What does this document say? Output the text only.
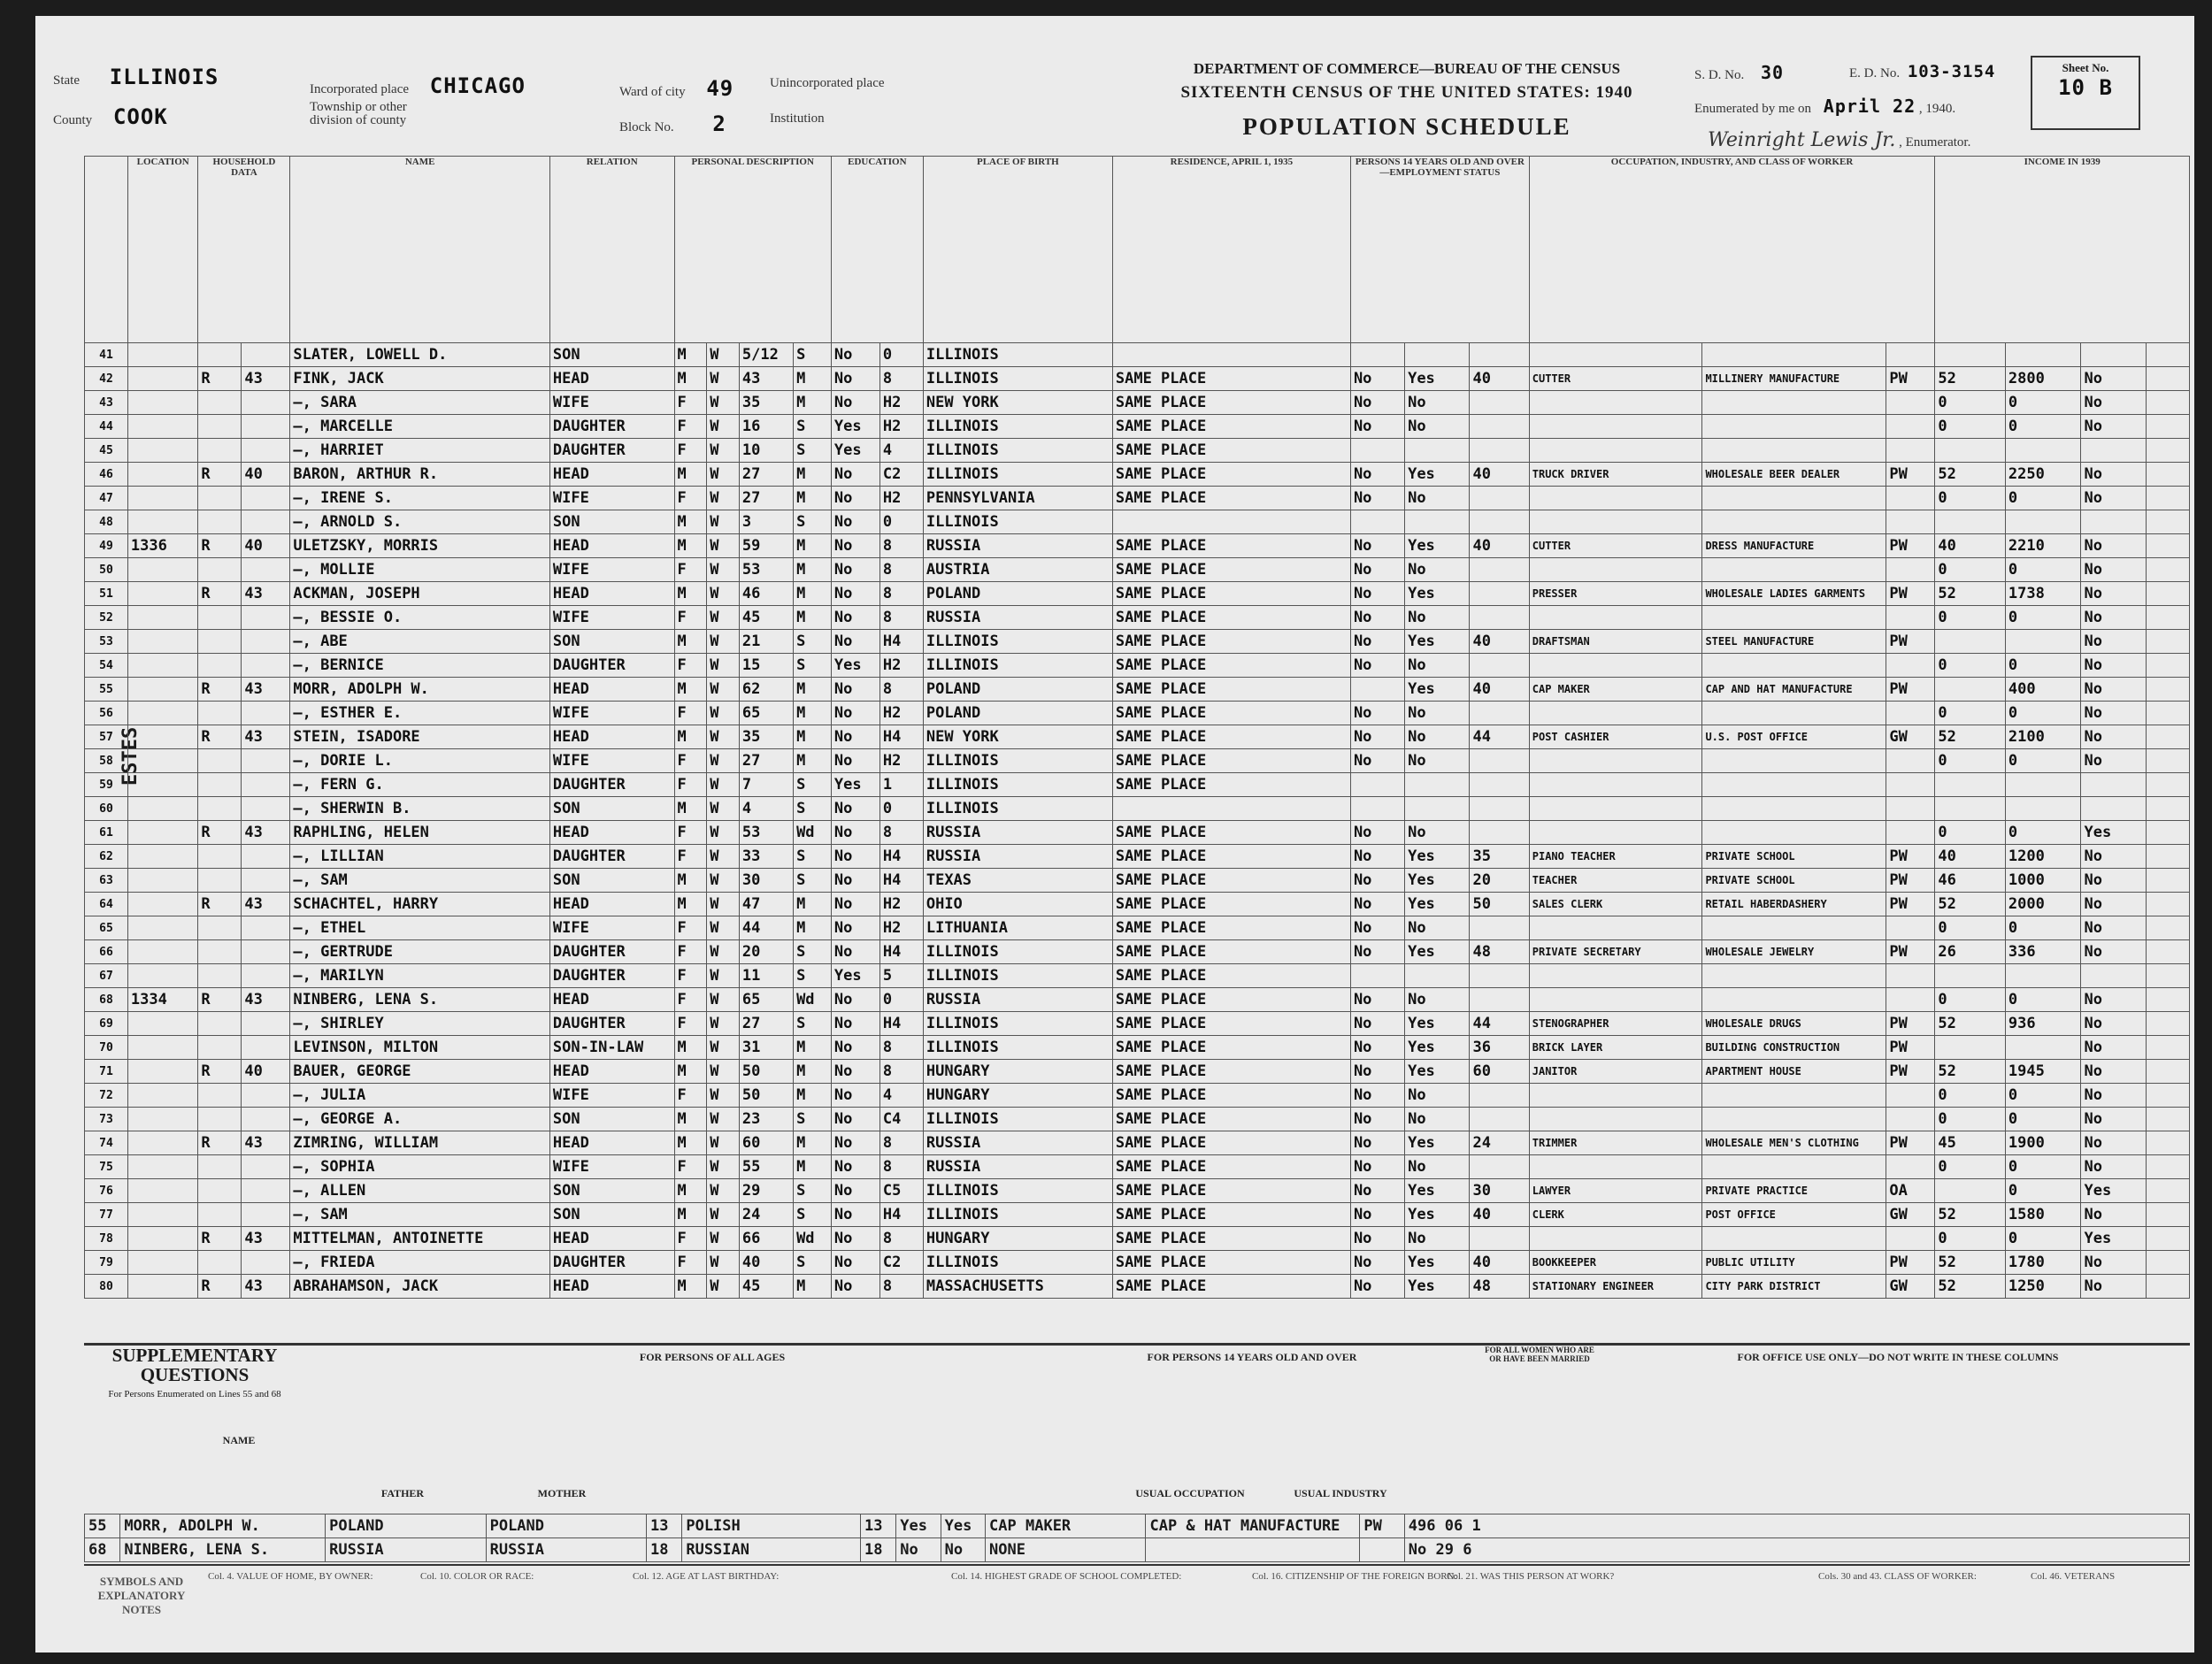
State ILLINOIS
County COOK
Incorporated place CHICAGO
Township or other division of county
Ward of city 49
Block No. 2
Unincorporated place
Institution
DEPARTMENT OF COMMERCE—BUREAU OF THE CENSUS
SIXTEENTH CENSUS OF THE UNITED STATES: 1940
POPULATION SCHEDULE
S. D. No. 30	E. D. No. 103-3154
Enumerated by me on April 22 , 1940.
Weinright Lewis Jr. , Enumerator.
Sheet No.
10 B
ESTES
	LOCATION	HOUSEHOLD DATA		NAME	RELATION	PERSONAL DESCRIPTION				EDUCATION		PLACE OF BIRTH	RESIDENCE, APRIL 1, 1935	PERSONS 14 YEARS OLD AND OVER—EMPLOYMENT STATUS			OCCUPATION, INDUSTRY, AND CLASS OF WORKER			INCOME IN 1939			
41				SLATER, LOWELL D.	SON	M	W	5/12	S	No	0	ILLINOIS											
42		R	43	FINK, JACK	HEAD	M	W	43	M	No	8	ILLINOIS	SAME PLACE	No	Yes	40	CUTTER	MILLINERY MANUFACTURE	PW	52	2800	No	
43				—, SARA	WIFE	F	W	35	M	No	H2	NEW YORK	SAME PLACE	No	No					0	0	No	
44				—, MARCELLE	DAUGHTER	F	W	16	S	Yes	H2	ILLINOIS	SAME PLACE	No	No					0	0	No	
45				—, HARRIET	DAUGHTER	F	W	10	S	Yes	4	ILLINOIS	SAME PLACE										
46		R	40	BARON, ARTHUR R.	HEAD	M	W	27	M	No	C2	ILLINOIS	SAME PLACE	No	Yes	40	TRUCK DRIVER	WHOLESALE BEER DEALER	PW	52	2250	No	
47				—, IRENE S.	WIFE	F	W	27	M	No	H2	PENNSYLVANIA	SAME PLACE	No	No					0	0	No	
48				—, ARNOLD S.	SON	M	W	3	S	No	0	ILLINOIS											
49	1336	R	40	ULETZSKY, MORRIS	HEAD	M	W	59	M	No	8	RUSSIA	SAME PLACE	No	Yes	40	CUTTER	DRESS MANUFACTURE	PW	40	2210	No	
50				—, MOLLIE	WIFE	F	W	53	M	No	8	AUSTRIA	SAME PLACE	No	No					0	0	No	
51		R	43	ACKMAN, JOSEPH	HEAD	M	W	46	M	No	8	POLAND	SAME PLACE	No	Yes		PRESSER	WHOLESALE LADIES GARMENTS	PW	52	1738	No	
52				—, BESSIE O.	WIFE	F	W	45	M	No	8	RUSSIA	SAME PLACE	No	No					0	0	No	
53				—, ABE	SON	M	W	21	S	No	H4	ILLINOIS	SAME PLACE	No	Yes	40	DRAFTSMAN	STEEL MANUFACTURE	PW			No	
54				—, BERNICE	DAUGHTER	F	W	15	S	Yes	H2	ILLINOIS	SAME PLACE	No	No					0	0	No	
55		R	43	MORR, ADOLPH W.	HEAD	M	W	62	M	No	8	POLAND	SAME PLACE		Yes	40	CAP MAKER	CAP AND HAT MANUFACTURE	PW		400	No	
56				—, ESTHER E.	WIFE	F	W	65	M	No	H2	POLAND	SAME PLACE	No	No					0	0	No	
57		R	43	STEIN, ISADORE	HEAD	M	W	35	M	No	H4	NEW YORK	SAME PLACE	No	No	44	POST CASHIER	U.S. POST OFFICE	GW	52	2100	No	
58				—, DORIE L.	WIFE	F	W	27	M	No	H2	ILLINOIS	SAME PLACE	No	No					0	0	No	
59				—, FERN G.	DAUGHTER	F	W	7	S	Yes	1	ILLINOIS	SAME PLACE										
60				—, SHERWIN B.	SON	M	W	4	S	No	0	ILLINOIS											
61		R	43	RAPHLING, HELEN	HEAD	F	W	53	Wd	No	8	RUSSIA	SAME PLACE	No	No					0	0	Yes	
62				—, LILLIAN	DAUGHTER	F	W	33	S	No	H4	RUSSIA	SAME PLACE	No	Yes	35	PIANO TEACHER	PRIVATE SCHOOL	PW	40	1200	No	
63				—, SAM	SON	M	W	30	S	No	H4	TEXAS	SAME PLACE	No	Yes	20	TEACHER	PRIVATE SCHOOL	PW	46	1000	No	
64		R	43	SCHACHTEL, HARRY	HEAD	M	W	47	M	No	H2	OHIO	SAME PLACE	No	Yes	50	SALES CLERK	RETAIL HABERDASHERY	PW	52	2000	No	
65				—, ETHEL	WIFE	F	W	44	M	No	H2	LITHUANIA	SAME PLACE	No	No					0	0	No	
66				—, GERTRUDE	DAUGHTER	F	W	20	S	No	H4	ILLINOIS	SAME PLACE	No	Yes	48	PRIVATE SECRETARY	WHOLESALE JEWELRY	PW	26	336	No	
67				—, MARILYN	DAUGHTER	F	W	11	S	Yes	5	ILLINOIS	SAME PLACE										
68	1334	R	43	NINBERG, LENA S.	HEAD	F	W	65	Wd	No	0	RUSSIA	SAME PLACE	No	No					0	0	No	
69				—, SHIRLEY	DAUGHTER	F	W	27	S	No	H4	ILLINOIS	SAME PLACE	No	Yes	44	STENOGRAPHER	WHOLESALE DRUGS	PW	52	936	No	
70				LEVINSON, MILTON	SON-IN-LAW	M	W	31	M	No	8	ILLINOIS	SAME PLACE	No	Yes	36	BRICK LAYER	BUILDING CONSTRUCTION	PW			No	
71		R	40	BAUER, GEORGE	HEAD	M	W	50	M	No	8	HUNGARY	SAME PLACE	No	Yes	60	JANITOR	APARTMENT HOUSE	PW	52	1945	No	
72				—, JULIA	WIFE	F	W	50	M	No	4	HUNGARY	SAME PLACE	No	No					0	0	No	
73				—, GEORGE A.	SON	M	W	23	S	No	C4	ILLINOIS	SAME PLACE	No	No					0	0	No	
74		R	43	ZIMRING, WILLIAM	HEAD	M	W	60	M	No	8	RUSSIA	SAME PLACE	No	Yes	24	TRIMMER	WHOLESALE MEN'S CLOTHING	PW	45	1900	No	
75				—, SOPHIA	WIFE	F	W	55	M	No	8	RUSSIA	SAME PLACE	No	No					0	0	No	
76				—, ALLEN	SON	M	W	29	S	No	C5	ILLINOIS	SAME PLACE	No	Yes	30	LAWYER	PRIVATE PRACTICE	OA		0	Yes	
77				—, SAM	SON	M	W	24	S	No	H4	ILLINOIS	SAME PLACE	No	Yes	40	CLERK	POST OFFICE	GW	52	1580	No	
78		R	43	MITTELMAN, ANTOINETTE	HEAD	F	W	66	Wd	No	8	HUNGARY	SAME PLACE	No	No					0	0	Yes	
79				—, FRIEDA	DAUGHTER	F	W	40	S	No	C2	ILLINOIS	SAME PLACE	No	Yes	40	BOOKKEEPER	PUBLIC UTILITY	PW	52	1780	No	
80		R	43	ABRAHAMSON, JACK	HEAD	M	W	45	M	No	8	MASSACHUSETTS	SAME PLACE	No	Yes	48	STATIONARY ENGINEER	CITY PARK DISTRICT	GW	52	1250	No	
SUPPLEMENTARY QUESTIONS
For Persons Enumerated on Lines 55 and 68
FOR PERSONS OF ALL AGES	FOR PERSONS 14 YEARS OLD AND OVER
FOR ALL WOMEN WHO ARE OR HAVE BEEN MARRIED	FOR OFFICE USE ONLY—DO NOT WRITE IN THESE COLUMNS
NAME
FATHER	MOTHER	USUAL OCCUPATION	USUAL INDUSTRY
55	MORR, ADOLPH W.	POLAND	POLAND	13	POLISH	13	Yes	Yes	CAP MAKER	CAP & HAT MANUFACTURE	PW	496 06 1
68	NINBERG, LENA S.	RUSSIA	RUSSIA	18	RUSSIAN	18	No	No	NONE			No 29 6
SYMBOLS AND EXPLANATORY NOTES
Col. 4. VALUE OF HOME, BY OWNER:	Col. 10. COLOR OR RACE:	Col. 12. AGE AT LAST BIRTHDAY:	Col. 14. HIGHEST GRADE OF SCHOOL COMPLETED:	Col. 16. CITIZENSHIP OF THE FOREIGN BORN:
Col. 21. WAS THIS PERSON AT WORK?	Cols. 30 and 43. CLASS OF WORKER:	Col. 46. VETERANS
